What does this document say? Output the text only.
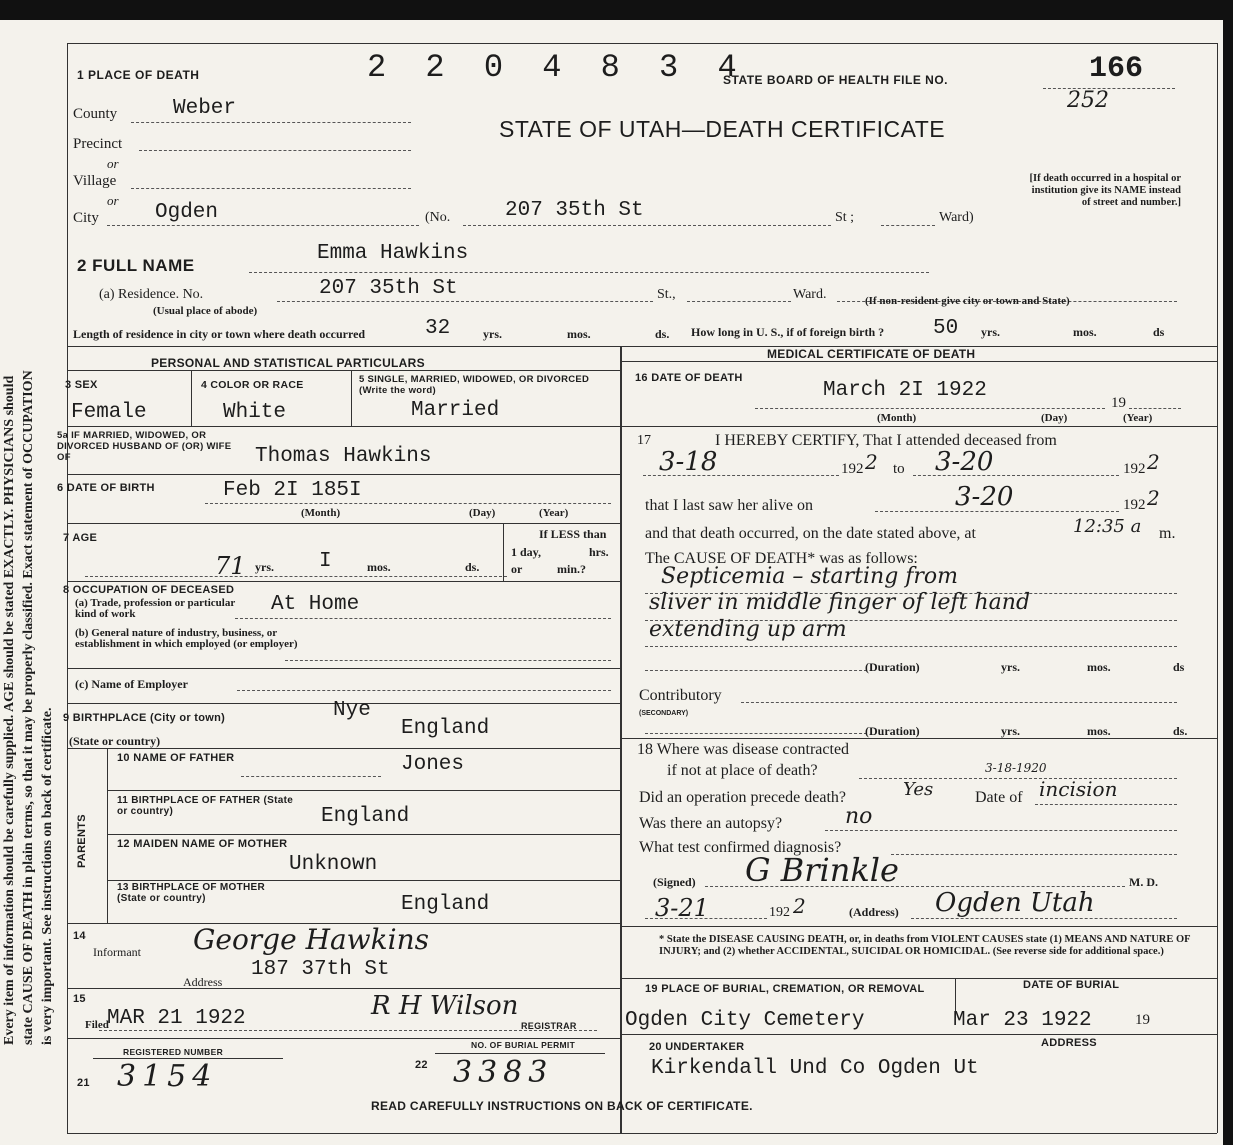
Every item of information should be carefully supplied. AGE should be stated EXACTLY. PHYSICIANS should state CAUSE OF DEATH in plain terms, so that it may be properly classified. Exact statement of OCCUPATION is very important. See instructions on back of certificate.
1 PLACE OF DEATH	2 2 0 4 8 3 4
STATE BOARD OF HEALTH FILE NO.	166
252
STATE OF UTAH—DEATH CERTIFICATE
[If death occurred in a hospital or institution give its NAME instead of street and number.]
County	Weber
Precinct
or
Village
or
City	Ogden	(No.	207 35th St	St ;	Ward)
2 FULL NAME
Emma Hawkins
(a) Residence. No.	207 35th St	St.,	Ward.
(Usual place of abode)
(If non-resident give city or town and State)
Length of residence in city or town where death occurred	32	yrs.	mos.	ds. How long in U. S., if of foreign birth ? 50 yrs.	mos.	ds
PERSONAL AND STATISTICAL PARTICULARS
MEDICAL CERTIFICATE OF DEATH
3 SEX
Female
4 COLOR OR RACE
White
5 SINGLE, MARRIED, WIDOWED, OR DIVORCED (Write the word)
Married
5a IF MARRIED, WIDOWED, OR DIVORCED HUSBAND OF (OR) WIFE OF	Thomas Hawkins
6 DATE OF BIRTH	Feb 2I 185I
(Month)	(Day)	(Year)
7 AGE
71 yrs. I	mos.	ds.
If LESS than
1 day,	hrs.
or	min.?
8 OCCUPATION OF DECEASED
(a) Trade, profession or particular kind of work	At Home
(b) General nature of industry, business, or establishment in which employed (or employer)
(c) Name of Employer
9 BIRTHPLACE (City or town)	Nye
(State or country)
England
PARENTS
10 NAME OF FATHER	Jones
11 BIRTHPLACE OF FATHER (State or country)	England
12 MAIDEN NAME OF MOTHER
Unknown
13 BIRTHPLACE OF MOTHER (State or country)	England
14
Informant George Hawkins
Address
187 37th St
15
Filed
MAR 21 1922	R H Wilson
REGISTRAR
REGISTERED NUMBER
21 3154
NO. OF BURIAL PERMIT
22 3383
16 DATE OF DEATH
March 2I 1922
19
(Month)	(Day)	(Year)
17	I HEREBY CERTIFY, That I attended deceased from
3-18	192 2 to 3-20	192 2
that I last saw her alive on	3-20	192 2
and that death occurred, on the date stated above, at	12:35 a m.
The CAUSE OF DEATH* was as follows:
Septicemia – starting from
sliver in middle finger of left hand
extending up arm
(Duration)	yrs.	mos.	ds
Contributory
(SECONDARY)
(Duration)	yrs.	mos.	ds.
18 Where was disease contracted
if not at place of death?	3-18-1920
Did an operation precede death?	Yes	Date of incision
Was there an autopsy?	no
What test confirmed diagnosis?
(Signed) G Brinkle	M. D.
3-21	192 2	(Address) Ogden Utah
* State the DISEASE CAUSING DEATH, or, in deaths from VIOLENT CAUSES state (1) MEANS AND NATURE OF INJURY; and (2) whether ACCIDENTAL, SUICIDAL OR HOMICIDAL. (See reverse side for additional space.)
19 PLACE OF BURIAL, CREMATION, OR REMOVAL	DATE OF BURIAL
Ogden City Cemetery	Mar 23 1922	19
20 UNDERTAKER	ADDRESS
Kirkendall Und Co Ogden Ut
READ CAREFULLY INSTRUCTIONS ON BACK OF CERTIFICATE.
